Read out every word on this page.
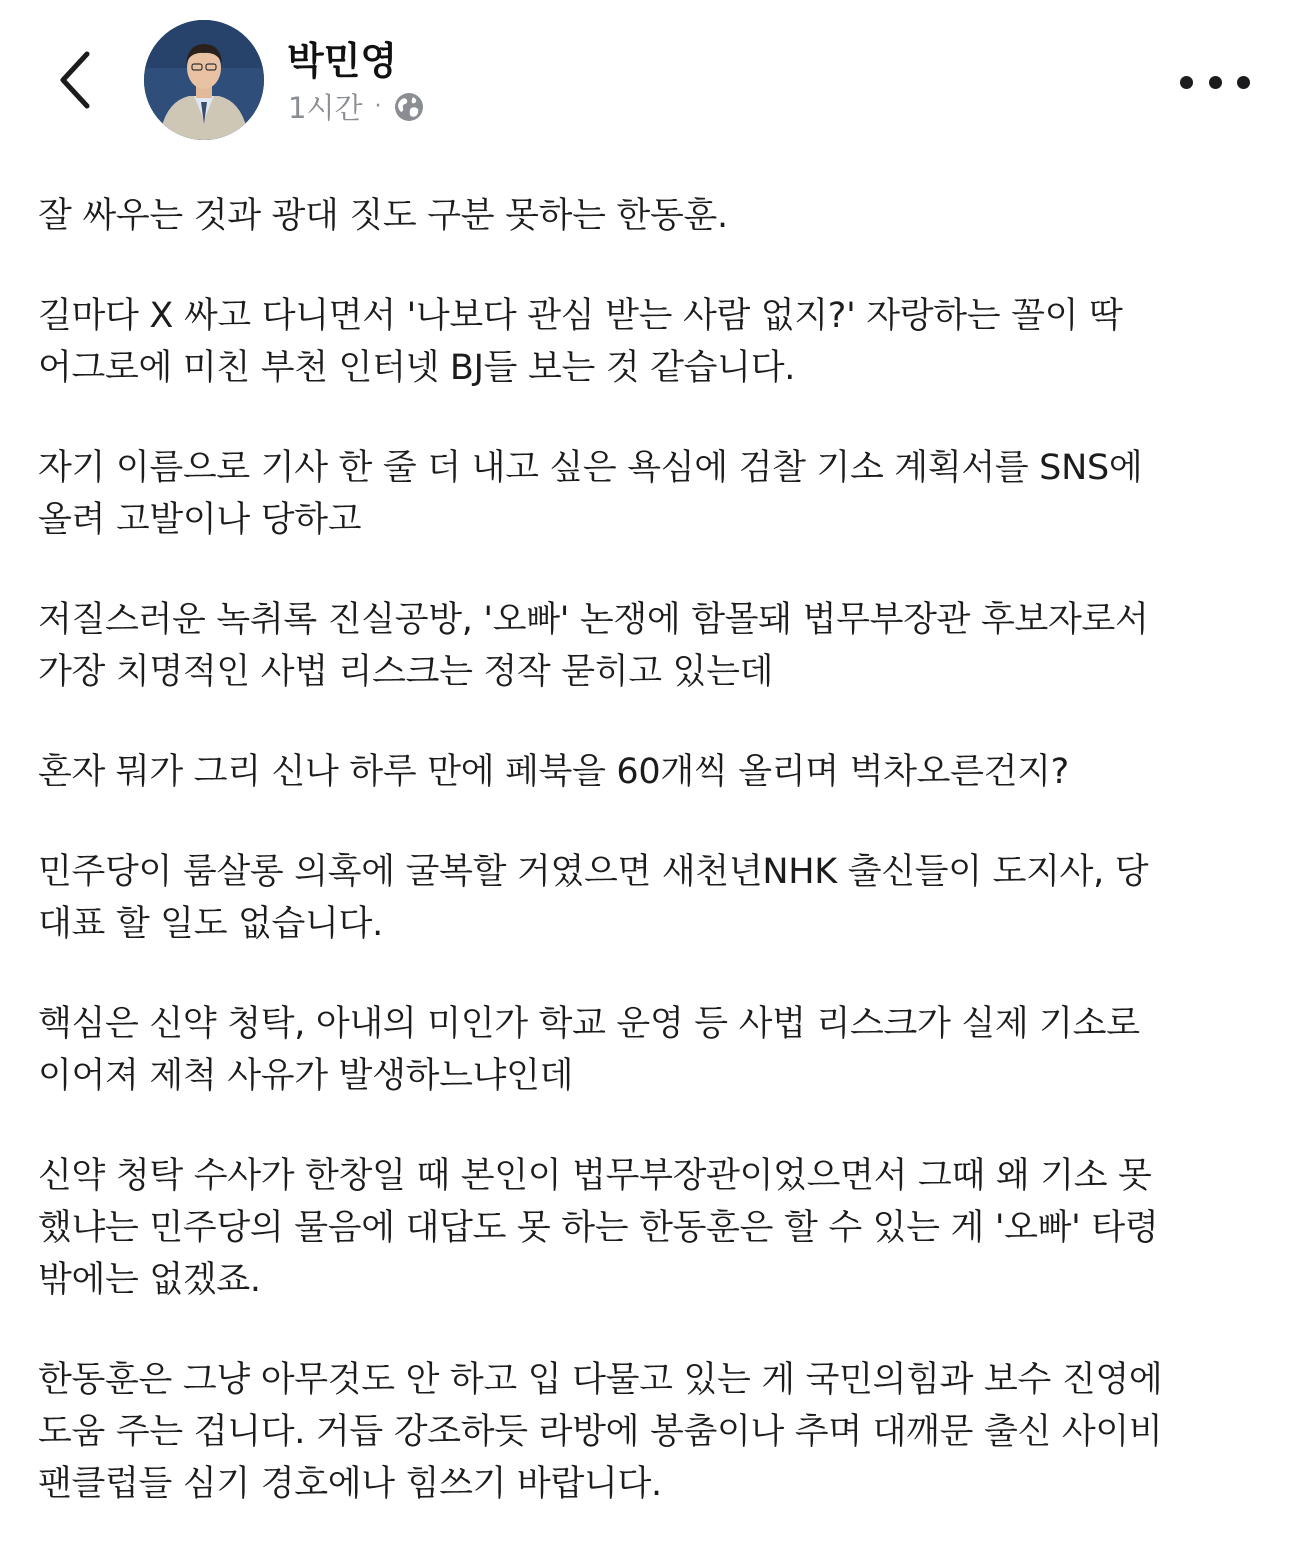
박민영
1시간 ·

잘 싸우는 것과 광대 짓도 구분 못하는 한동훈.

길마다 X 싸고 다니면서 '나보다 관심 받는 사람 없지?' 자랑하는 꼴이 딱
어그로에 미친 부천 인터넷 BJ들 보는 것 같습니다.

자기 이름으로 기사 한 줄 더 내고 싶은 욕심에 검찰 기소 계획서를 SNS에
올려 고발이나 당하고

저질스러운 녹취록 진실공방, '오빠' 논쟁에 함몰돼 법무부장관 후보자로서
가장 치명적인 사법 리스크는 정작 묻히고 있는데

혼자 뭐가 그리 신나 하루 만에 페북을 60개씩 올리며 벅차오른건지?

민주당이 룸살롱 의혹에 굴복할 거였으면 새천년NHK 출신들이 도지사, 당
대표 할 일도 없습니다.

핵심은 신약 청탁, 아내의 미인가 학교 운영 등 사법 리스크가 실제 기소로
이어져 제척 사유가 발생하느냐인데

신약 청탁 수사가 한창일 때 본인이 법무부장관이었으면서 그때 왜 기소 못
했냐는 민주당의 물음에 대답도 못 하는 한동훈은 할 수 있는 게 '오빠' 타령
밖에는 없겠죠.

한동훈은 그냥 아무것도 안 하고 입 다물고 있는 게 국민의힘과 보수 진영에
도움 주는 겁니다. 거듭 강조하듯 라방에 봉춤이나 추며 대깨문 출신 사이비
팬클럽들 심기 경호에나 힘쓰기 바랍니다.
